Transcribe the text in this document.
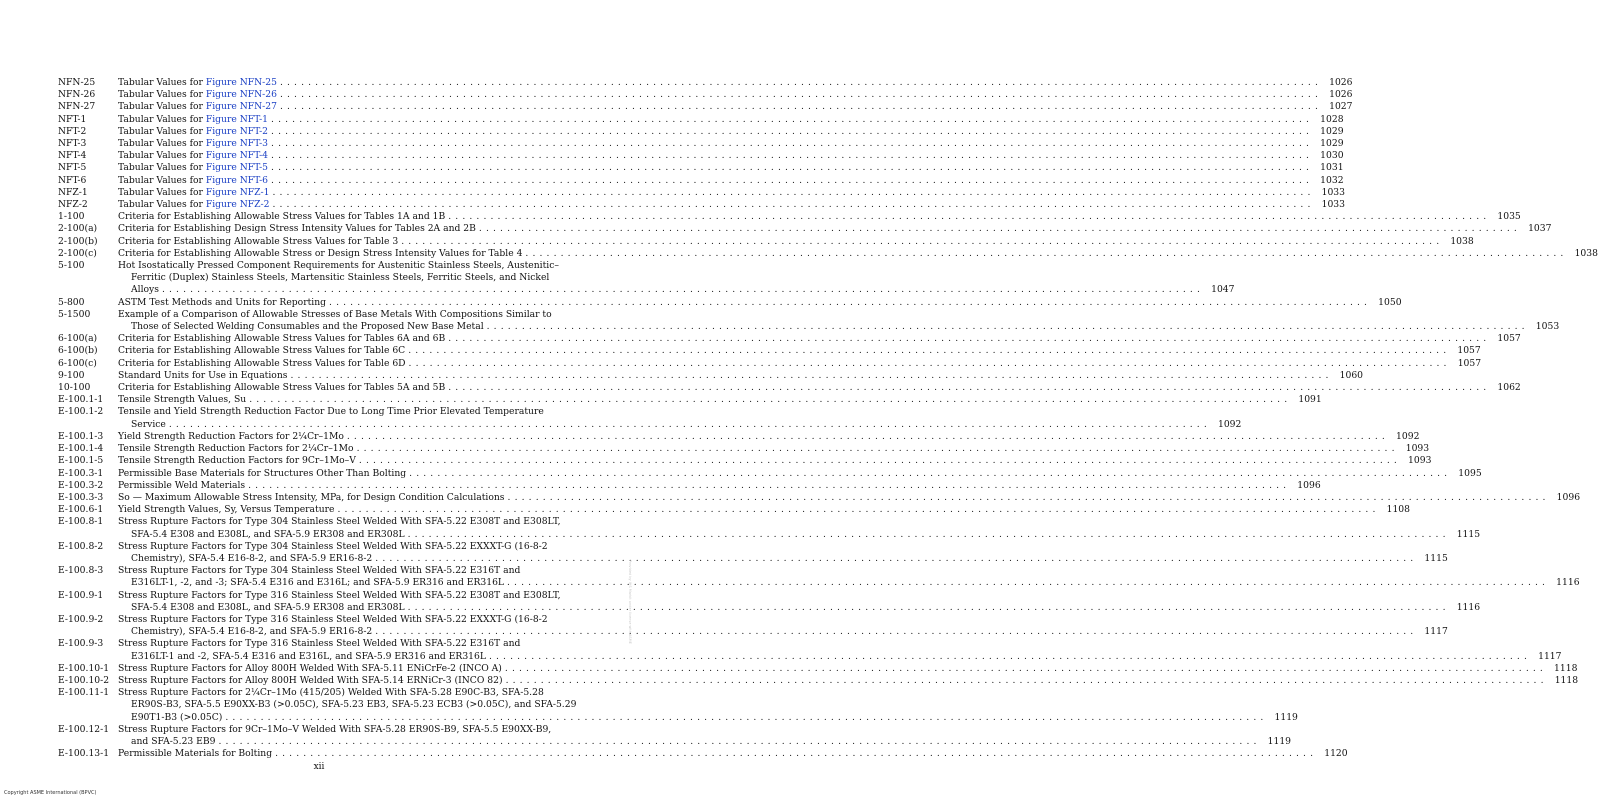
NFN-25	Tabular Values for Figure NFN-25 . . .	1026
NFN-26	Tabular Values for Figure NFN-26 . . .	1026
NFN-27	Tabular Values for Figure NFN-27 . . .	1027
NFT-1	Tabular Values for Figure NFT-1 . . .	1028
NFT-2	Tabular Values for Figure NFT-2 . . .	1029
NFT-3	Tabular Values for Figure NFT-3 . . .	1029
NFT-4	Tabular Values for Figure NFT-4 . . .	1030
NFT-5	Tabular Values for Figure NFT-5 . . .	1031
NFT-6	Tabular Values for Figure NFT-6 . . .	1032
NFZ-1	Tabular Values for Figure NFZ-1 . . .	1033
NFZ-2	Tabular Values for Figure NFZ-2 . . .	1033
1-100	Criteria for Establishing Allowable Stress Values for Tables 1A and 1B . . .	1035
2-100(a)	Criteria for Establishing Design Stress Intensity Values for Tables 2A and 2B . . .	1037
2-100(b)	Criteria for Establishing Allowable Stress Values for Table 3 . . .	1038
2-100(c)	Criteria for Establishing Allowable Stress or Design Stress Intensity Values for Table 4 . . .	1038
5-100	Hot Isostatically Pressed Component Requirements for Austenitic Stainless Steels, Austenitic–
Ferritic (Duplex) Stainless Steels, Martensitic Stainless Steels, Ferritic Steels, and Nickel
Alloys . . .	1047
5-800	ASTM Test Methods and Units for Reporting . . .	1050
5-1500	Example of a Comparison of Allowable Stresses of Base Metals With Compositions Similar to
Those of Selected Welding Consumables and the Proposed New Base Metal . . .	1053
6-100(a)	Criteria for Establishing Allowable Stress Values for Tables 6A and 6B . . .	1057
6-100(b)	Criteria for Establishing Allowable Stress Values for Table 6C . . .	1057
6-100(c)	Criteria for Establishing Allowable Stress Values for Table 6D . . .	1057
9-100	Standard Units for Use in Equations . . .	1060
10-100	Criteria for Establishing Allowable Stress Values for Tables 5A and 5B . . .	1062
E-100.1-1	Tensile Strength Values, Su . . .	1091
E-100.1-2	Tensile and Yield Strength Reduction Factor Due to Long Time Prior Elevated Temperature
Service . . .	1092
E-100.1-3	Yield Strength Reduction Factors for 2¼Cr–1Mo . . .	1092
E-100.1-4	Tensile Strength Reduction Factors for 2¼Cr–1Mo . . .	1093
E-100.1-5	Tensile Strength Reduction Factors for 9Cr–1Mo–V . . .	1093
E-100.3-1	Permissible Base Materials for Structures Other Than Bolting . . .	1095
E-100.3-2	Permissible Weld Materials . . .	1096
E-100.3-3	So — Maximum Allowable Stress Intensity, MPa, for Design Condition Calculations . . .	1096
E-100.6-1	Yield Strength Values, Sy, Versus Temperature . . .	1108
E-100.8-1	Stress Rupture Factors for Type 304 Stainless Steel Welded With SFA-5.22 E308T and E308LT,
SFA-5.4 E308 and E308L, and SFA-5.9 ER308 and ER308L . . .	1115
E-100.8-2	Stress Rupture Factors for Type 304 Stainless Steel Welded With SFA-5.22 EXXXT-G (16-8-2
Chemistry), SFA-5.4 E16-8-2, and SFA-5.9 ER16-8-2 . . .	1115
E-100.8-3	Stress Rupture Factors for Type 304 Stainless Steel Welded With SFA-5.22 E316T and
E316LT-1, -2, and -3; SFA-5.4 E316 and E316L; and SFA-5.9 ER316 and ER316L . . .	1116
E-100.9-1	Stress Rupture Factors for Type 316 Stainless Steel Welded With SFA-5.22 E308T and E308LT,
SFA-5.4 E308 and E308L, and SFA-5.9 ER308 and ER308L . . .	1116
E-100.9-2	Stress Rupture Factors for Type 316 Stainless Steel Welded With SFA-5.22 EXXXT-G (16-8-2
Chemistry), SFA-5.4 E16-8-2, and SFA-5.9 ER16-8-2 . . .	1117
E-100.9-3	Stress Rupture Factors for Type 316 Stainless Steel Welded With SFA-5.22 E316T and
E316LT-1 and -2, SFA-5.4 E316 and E316L, and SFA-5.9 ER316 and ER316L . . .	1117
E-100.10-1 Stress Rupture Factors for Alloy 800H Welded With SFA-5.11 ENiCrFe-2 (INCO A) . . .	1118
E-100.10-2 Stress Rupture Factors for Alloy 800H Welded With SFA-5.14 ERNiCr-3 (INCO 82) . . .	1118
E-100.11-1 Stress Rupture Factors for 2¼Cr–1Mo (415/205) Welded With SFA-5.28 E90C-B3, SFA-5.28
ER90S-B3, SFA-5.5 E90XX-B3 (>0.05C), SFA-5.23 EB3, SFA-5.23 ECB3 (>0.05C), and SFA-5.29
E90T1-B3 (>0.05C) . . .	1119
E-100.12-1 Stress Rupture Factors for 9Cr–1Mo–V Welded With SFA-5.28 ER90S-B9, SFA-5.5 E90XX-B9,
and SFA-5.23 EB9 . . .	1119
E-100.13-1 Permissible Materials for Bolting . . .	1120
xii
Copyright ASME International (BPVC)
Provided by IHS Markit under license with ASME
